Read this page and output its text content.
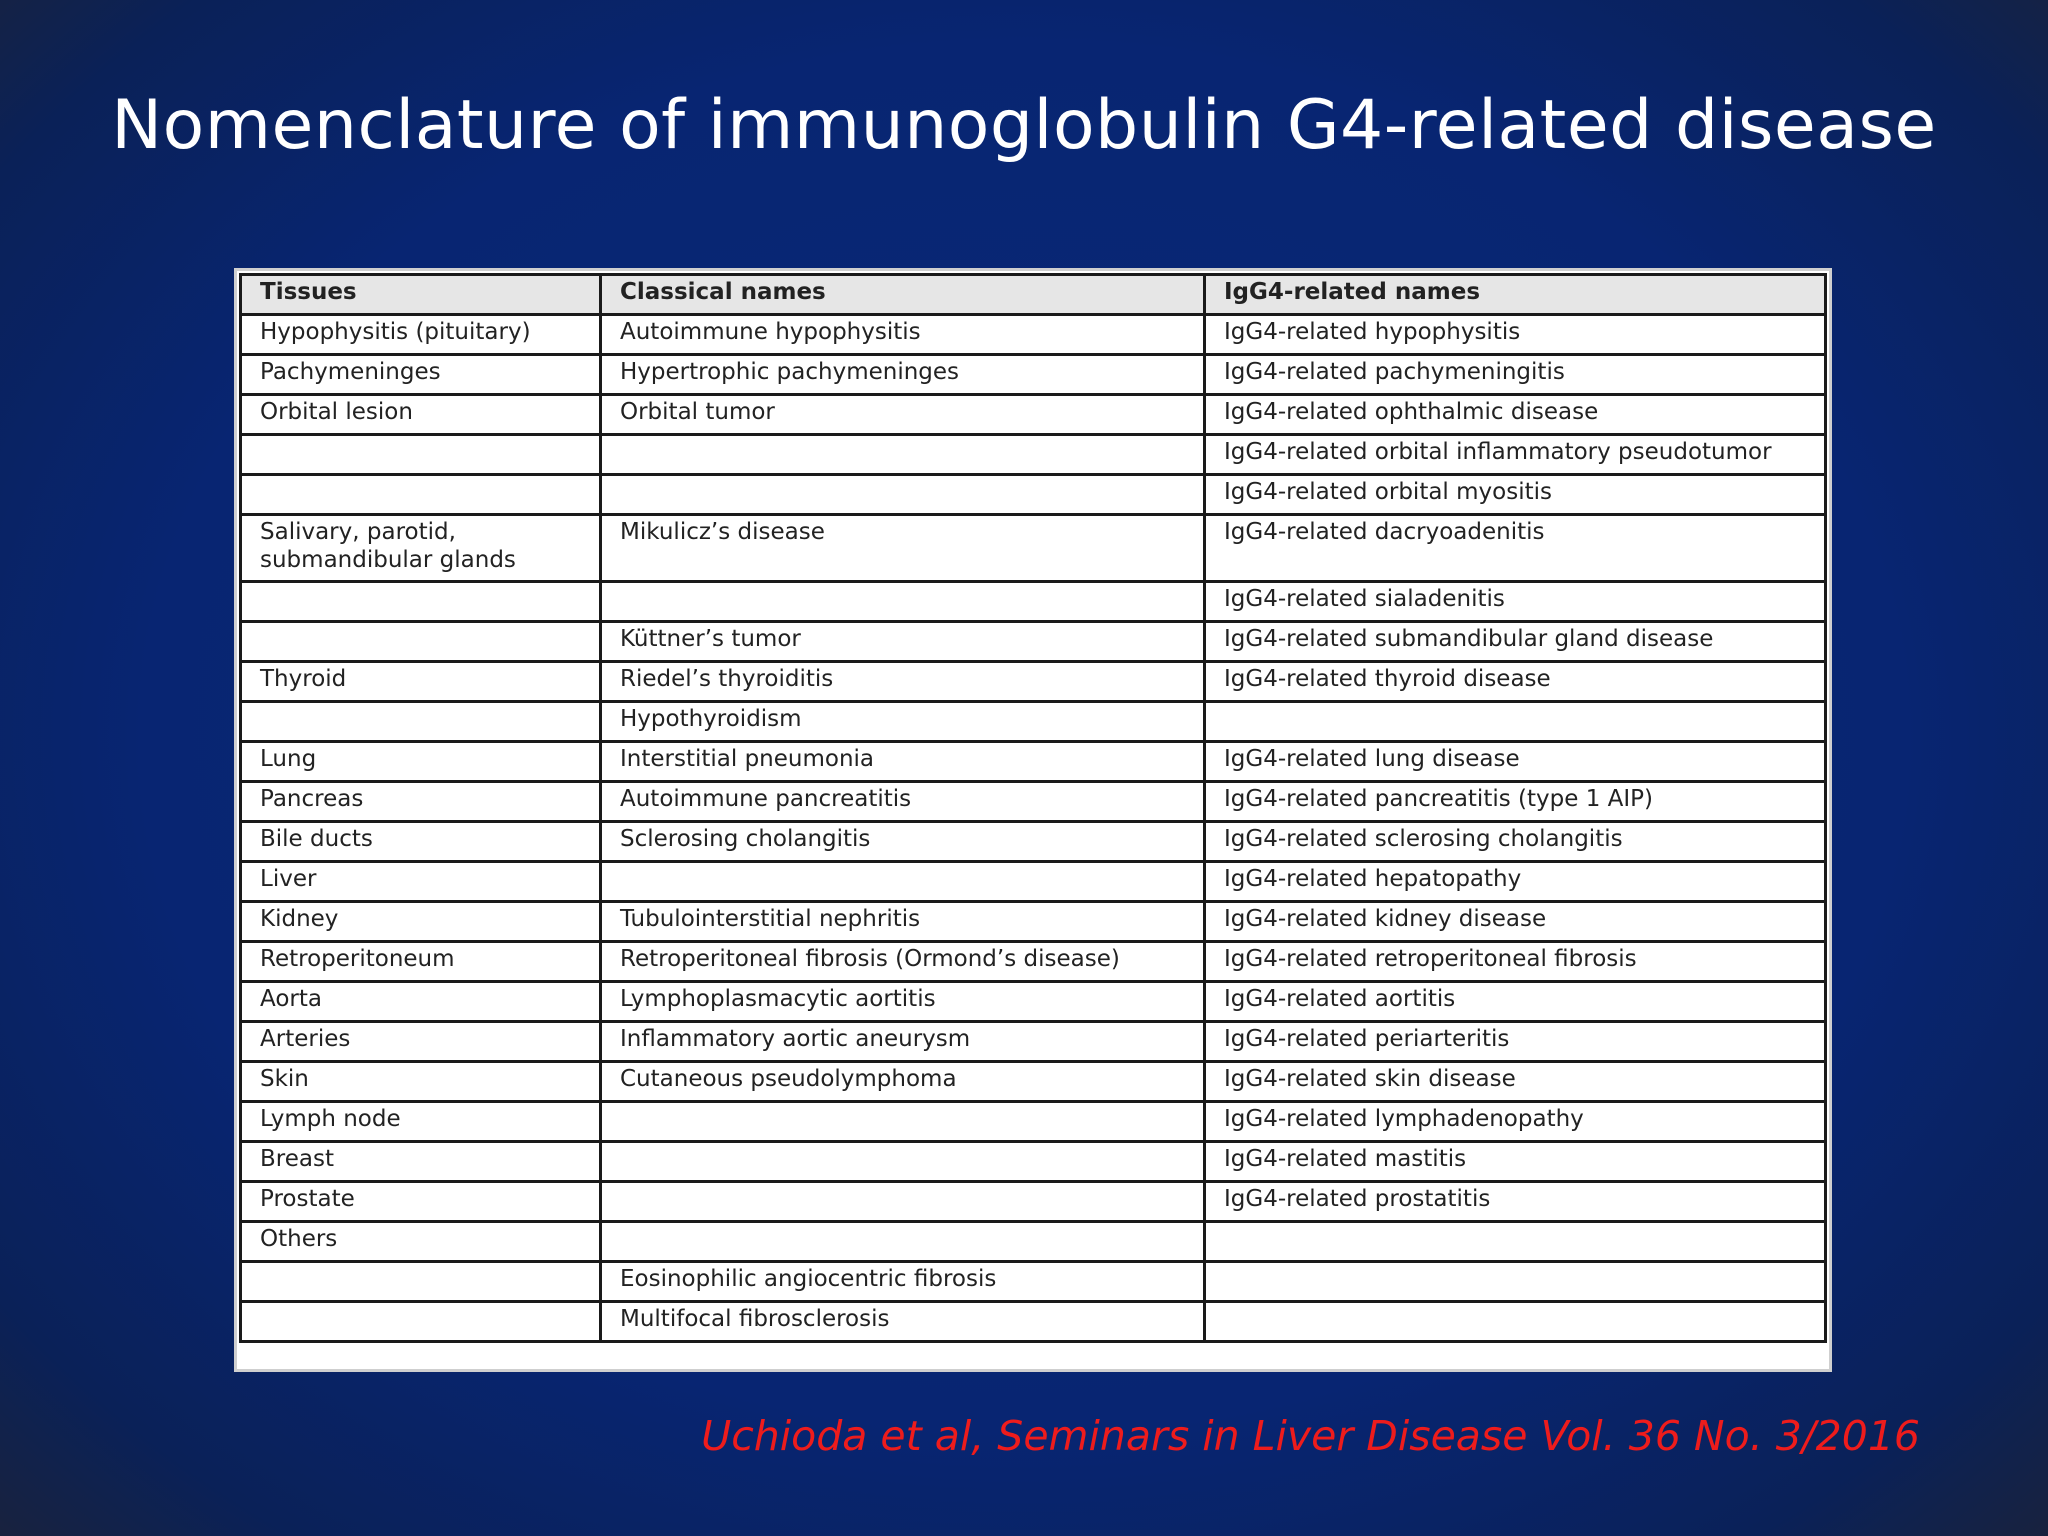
Nomenclature of immunoglobulin G4-related disease
Tissues	Classical names	IgG4-related names
Hypophysitis (pituitary)	Autoimmune hypophysitis	IgG4-related hypophysitis
Pachymeninges	Hypertrophic pachymeninges	IgG4-related pachymeningitis
Orbital lesion	Orbital tumor	IgG4-related ophthalmic disease
		IgG4-related orbital inflammatory pseudotumor
		IgG4-related orbital myositis
Salivary, parotid, submandibular glands	Mikulicz’s disease	IgG4-related dacryoadenitis
		IgG4-related sialadenitis
	Küttner’s tumor	IgG4-related submandibular gland disease
Thyroid	Riedel’s thyroiditis	IgG4-related thyroid disease
	Hypothyroidism	
Lung	Interstitial pneumonia	IgG4-related lung disease
Pancreas	Autoimmune pancreatitis	IgG4-related pancreatitis (type 1 AIP)
Bile ducts	Sclerosing cholangitis	IgG4-related sclerosing cholangitis
Liver		IgG4-related hepatopathy
Kidney	Tubulointerstitial nephritis	IgG4-related kidney disease
Retroperitoneum	Retroperitoneal fibrosis (Ormond’s disease)	IgG4-related retroperitoneal fibrosis
Aorta	Lymphoplasmacytic aortitis	IgG4-related aortitis
Arteries	Inflammatory aortic aneurysm	IgG4-related periarteritis
Skin	Cutaneous pseudolymphoma	IgG4-related skin disease
Lymph node		IgG4-related lymphadenopathy
Breast		IgG4-related mastitis
Prostate		IgG4-related prostatitis
Others		
	Eosinophilic angiocentric fibrosis	
	Multifocal fibrosclerosis	
Uchioda et al, Seminars in Liver Disease Vol. 36 No. 3/2016
